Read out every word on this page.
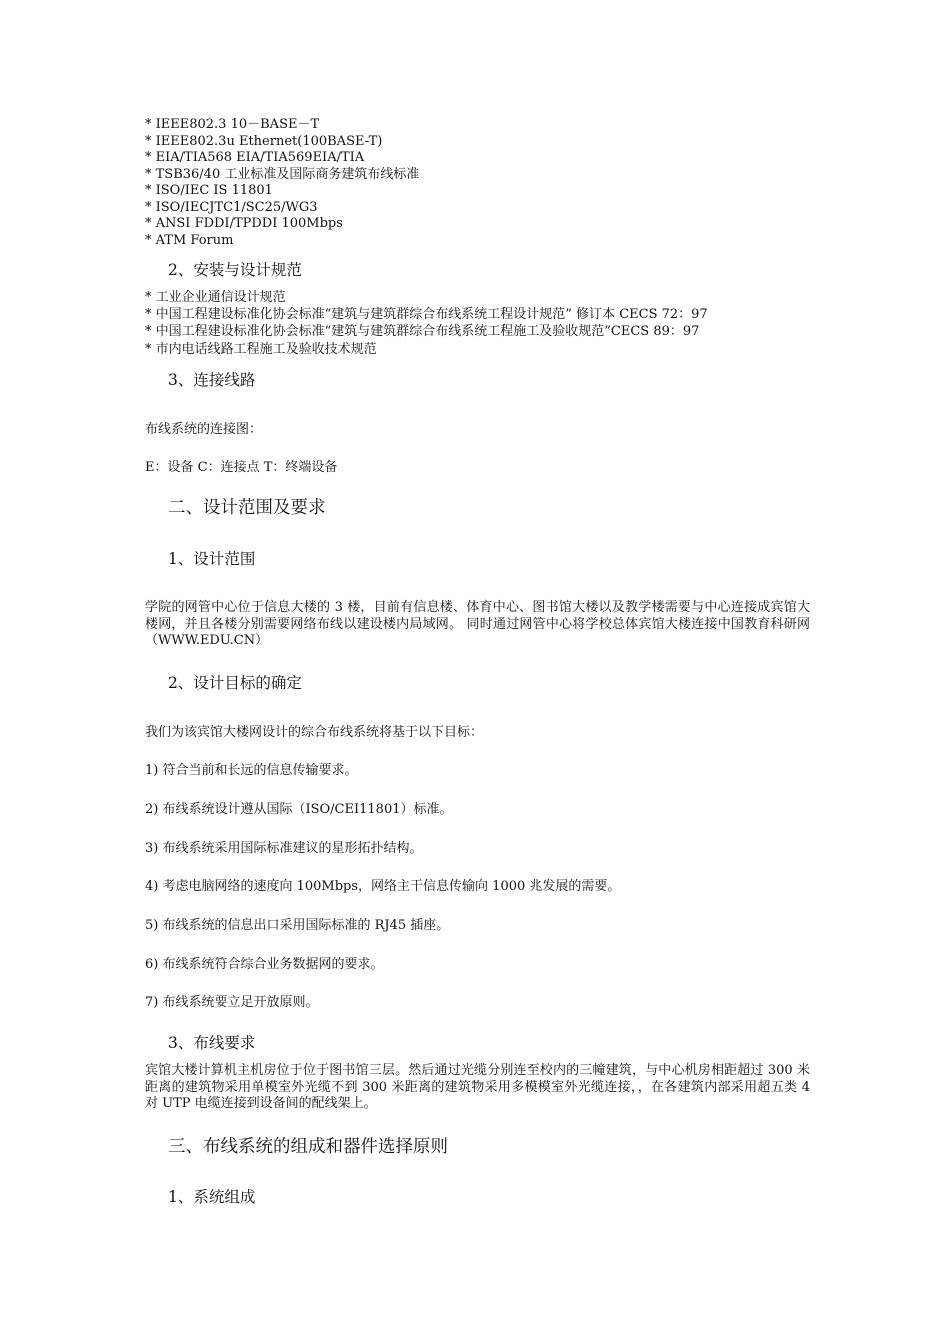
* IEEE802.3 10－BASE－T
* IEEE802.3u Ethernet(100BASE-T)
* EIA/TIA568 EIA/TIA569EIA/TIA
* TSB36/40 工业标准及国际商务建筑布线标准
* ISO/IEC IS 11801
* ISO/IECJTC1/SC25/WG3
* ANSI FDDI/TPDDI 100Mbps
* ATM Forum
2、安装与设计规范
* 工业企业通信设计规范
* 中国工程建设标准化协会标准“建筑与建筑群综合布线系统工程设计规范” 修订本 CECS 72：97
* 中国工程建设标准化协会标准“建筑与建筑群综合布线系统工程施工及验收规范”CECS 89：97
* 市内电话线路工程施工及验收技术规范
3、连接线路
布线系统的连接图：
E：设备 C：连接点 T：终端设备
二、设计范围及要求
1、设计范围
学院的网管中心位于信息大楼的 3 楼，目前有信息楼、体育中心、图书馆大楼以及教学楼需要与中心连接成宾馆大楼网，并且各楼分别需要网络布线以建设楼内局域网。 同时通过网管中心将学校总体宾馆大楼连接中国教育科研网（WWW.EDU.CN）
2、设计目标的确定
我们为该宾馆大楼网设计的综合布线系统将基于以下目标：
1) 符合当前和长远的信息传输要求。
2) 布线系统设计遵从国际（ISO/CEI11801）标准。
3) 布线系统采用国际标准建议的星形拓扑结构。
4) 考虑电脑网络的速度向 100Mbps，网络主干信息传输向 1000 兆发展的需要。
5) 布线系统的信息出口采用国际标准的 RJ45 插座。
6) 布线系统符合综合业务数据网的要求。
7) 布线系统要立足开放原则。
3、布线要求
宾馆大楼计算机主机房位于位于图书馆三层。然后通过光缆分别连至校内的三幢建筑，与中心机房相距超过 300 米距离的建筑物采用单模室外光缆不到 300 米距离的建筑物采用多模模室外光缆连接，，在各建筑内部采用超五类 4 对 UTP 电缆连接到设备间的配线架上。
三、布线系统的组成和器件选择原则
1、系统组成
